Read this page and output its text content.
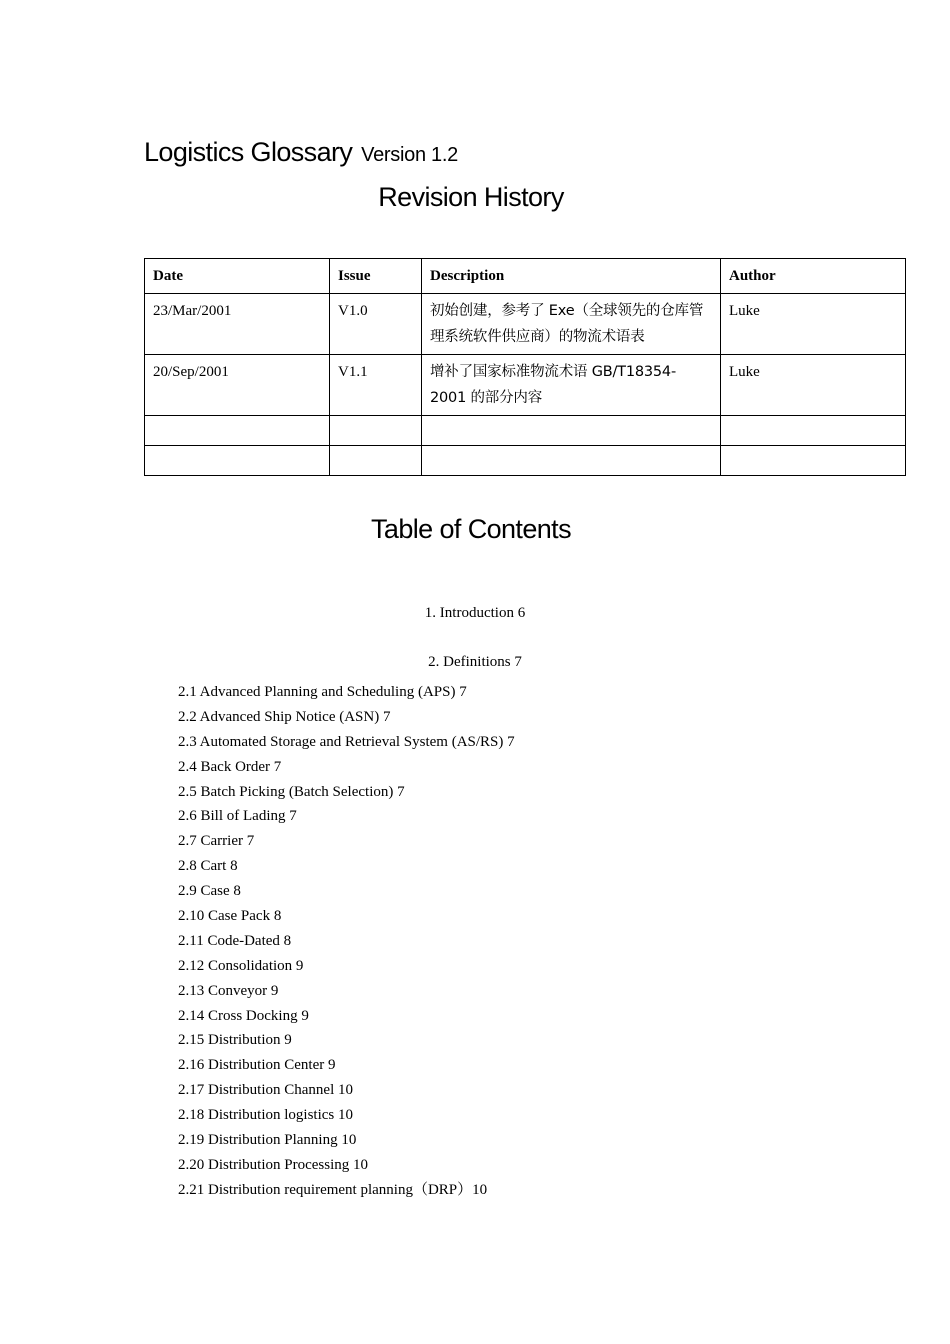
Logistics Glossary Version 1.2
Revision History
Date	Issue	Description	Author
23/Mar/2001	V1.0	初始创建，参考了 Exe（全球领先的仓库管理系统软件供应商）的物流术语表	Luke
20/Sep/2001	V1.1	增补了国家标准物流术语 GB/T18354-2001 的部分内容	Luke

Table of Contents
1. Introduction 6
2. Definitions 7
2.1 Advanced Planning and Scheduling (APS) 7
2.2 Advanced Ship Notice (ASN) 7
2.3 Automated Storage and Retrieval System (AS/RS) 7
2.4 Back Order 7
2.5 Batch Picking (Batch Selection) 7
2.6 Bill of Lading 7
2.7 Carrier 7
2.8 Cart 8
2.9 Case 8
2.10 Case Pack 8
2.11 Code-Dated 8
2.12 Consolidation 9
2.13 Conveyor 9
2.14 Cross Docking 9
2.15 Distribution 9
2.16 Distribution Center 9
2.17 Distribution Channel 10
2.18 Distribution logistics 10
2.19 Distribution Planning 10
2.20 Distribution Processing 10
2.21 Distribution requirement planning（DRP）10
